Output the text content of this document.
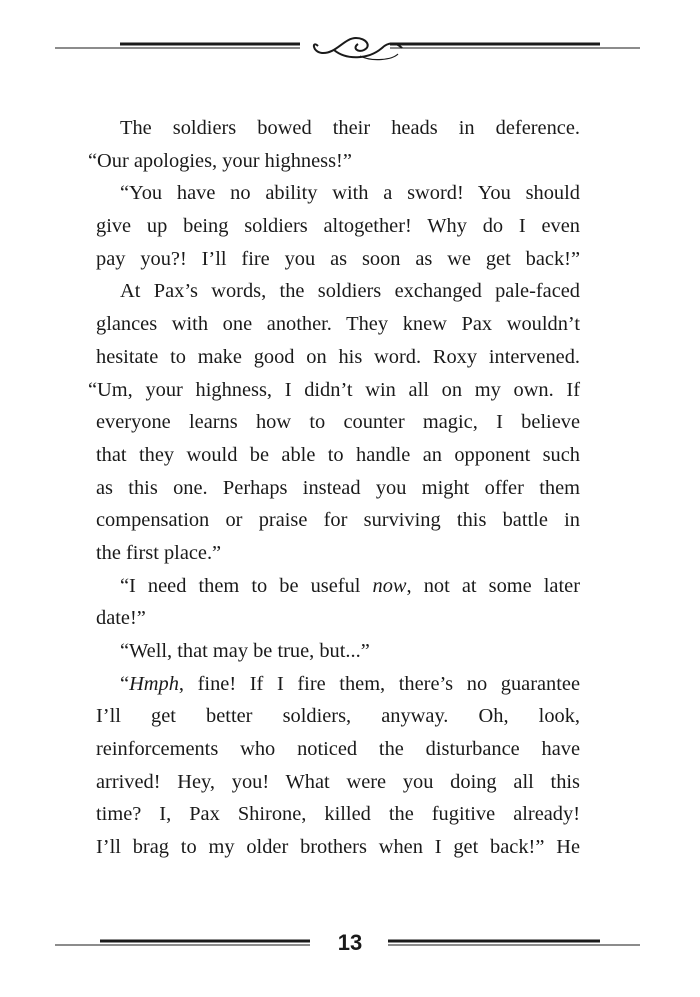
The soldiers bowed their heads in deference.
“Our apologies, your highness!”
“You have no ability with a sword! You should
give up being soldiers altogether! Why do I even
pay you?! I’ll fire you as soon as we get back!”
At Pax’s words, the soldiers exchanged pale-faced
glances with one another. They knew Pax wouldn’t
hesitate to make good on his word. Roxy intervened.
“Um, your highness, I didn’t win all on my own. If
everyone learns how to counter magic, I believe
that they would be able to handle an opponent such
as this one. Perhaps instead you might offer them
compensation or praise for surviving this battle in
the first place.”
“I need them to be useful now, not at some later
date!”
“Well, that may be true, but...”
“Hmph, fine! If I fire them, there’s no guarantee
I’ll get better soldiers, anyway. Oh, look,
reinforcements who noticed the disturbance have
arrived! Hey, you! What were you doing all this
time? I, Pax Shirone, killed the fugitive already!
I’ll brag to my older brothers when I get back!” He
13
